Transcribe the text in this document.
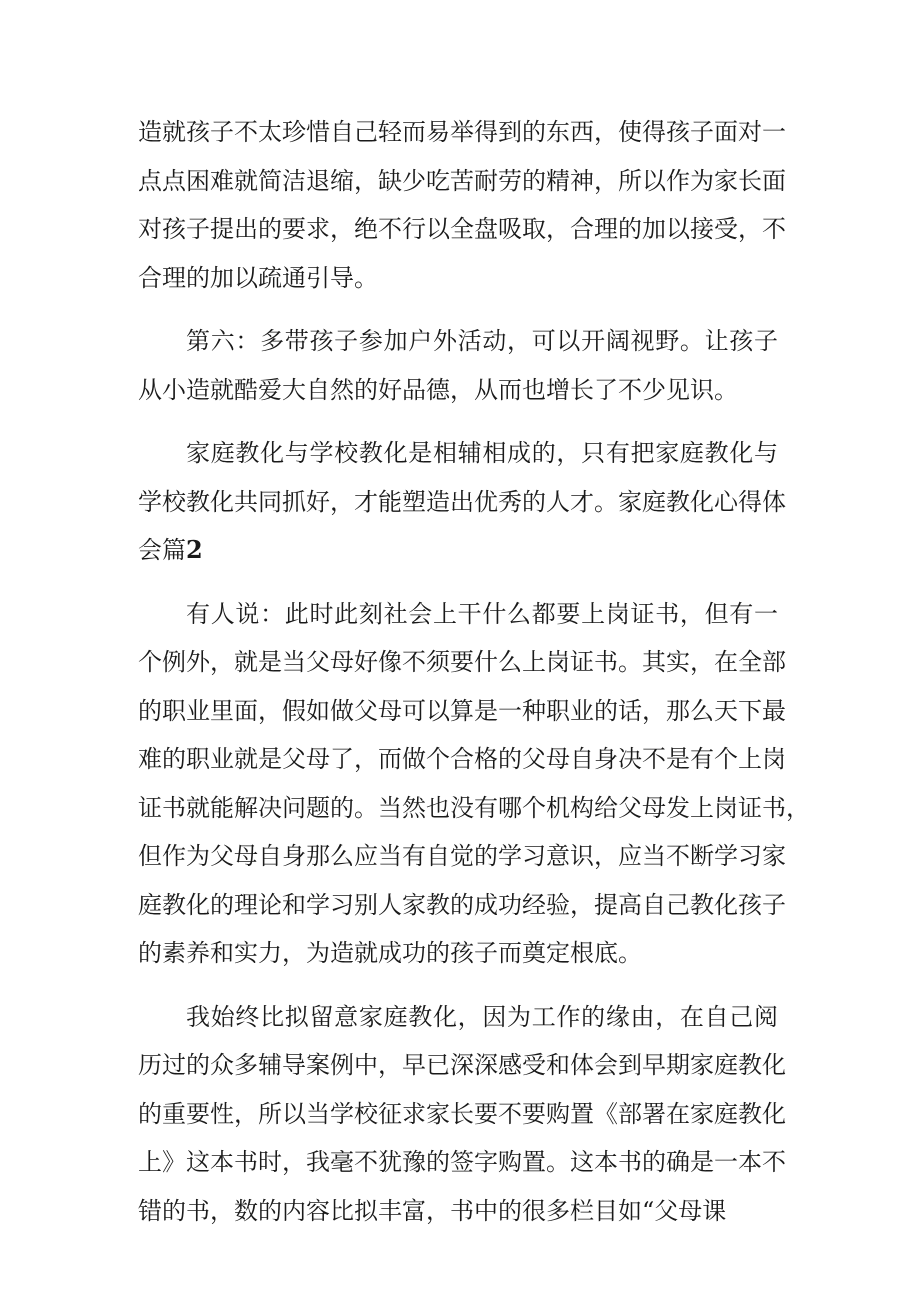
造就孩子不太珍惜自己轻而易举得到的东西，使得孩子面对一
点点困难就简洁退缩，缺少吃苦耐劳的精神，所以作为家长面
对孩子提出的要求，绝不行以全盘吸取，合理的加以接受，不
合理的加以疏通引导。
第六：多带孩子参加户外活动，可以开阔视野。让孩子
从小造就酷爱大自然的好品德，从而也增长了不少见识。
家庭教化与学校教化是相辅相成的，只有把家庭教化与
学校教化共同抓好，才能塑造出优秀的人才。家庭教化心得体
会篇2
有人说：此时此刻社会上干什么都要上岗证书，但有一
个例外，就是当父母好像不须要什么上岗证书。其实，在全部
的职业里面，假如做父母可以算是一种职业的话，那么天下最
难的职业就是父母了，而做个合格的父母自身决不是有个上岗
证书就能解决问题的。当然也没有哪个机构给父母发上岗证书，
但作为父母自身那么应当有自觉的学习意识，应当不断学习家
庭教化的理论和学习别人家教的成功经验，提高自己教化孩子
的素养和实力，为造就成功的孩子而奠定根底。
我始终比拟留意家庭教化，因为工作的缘由，在自己阅
历过的众多辅导案例中，早已深深感受和体会到早期家庭教化
的重要性，所以当学校征求家长要不要购置《部署在家庭教化
上》这本书时，我毫不犹豫的签字购置。这本书的确是一本不
错的书，数的内容比拟丰富，书中的很多栏目如“父母课
